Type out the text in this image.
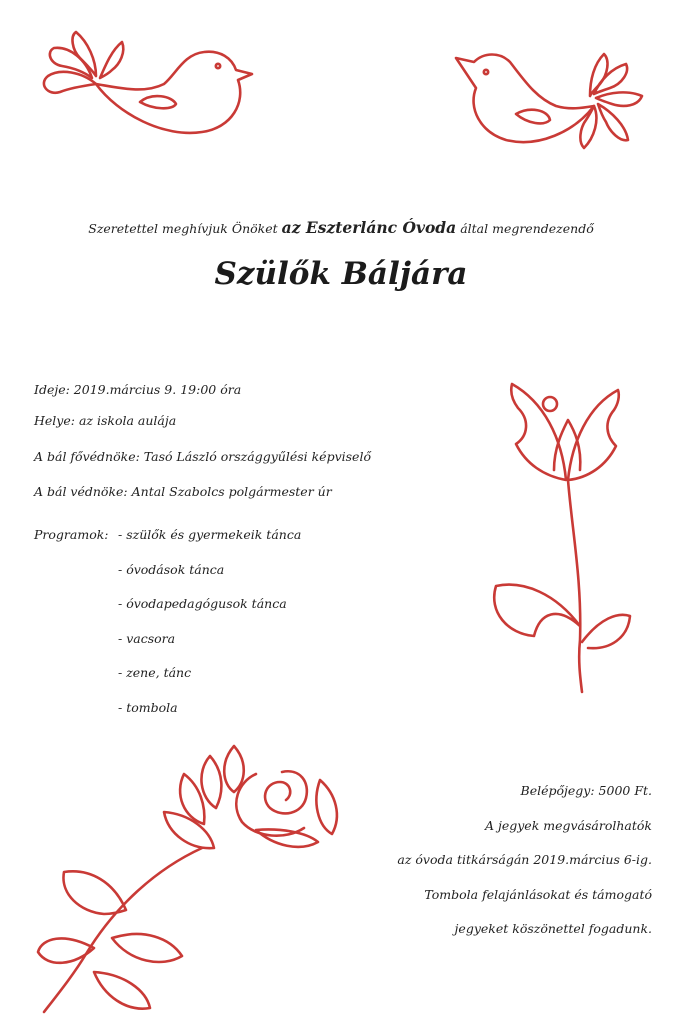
Szeretettel meghívjuk Önöket az Eszterlánc Óvoda által megrendezendő
Szülők Báljára
Ideje: 2019.március 9. 19:00 óra
Helye: az iskola aulája
A bál fővédnöke: Tasó László országgyűlési képviselő
A bál védnöke: Antal Szabolcs polgármester úr
Programok: - szülők és gyermekeik tánca
- óvodások tánca
- óvodapedagógusok tánca
- vacsora
- zene, tánc
- tombola
Belépőjegy: 5000 Ft.
A jegyek megvásárolhatók
az óvoda titkárságán 2019.március 6-ig.
Tombola felajánlásokat és támogató
jegyeket köszönettel fogadunk.
